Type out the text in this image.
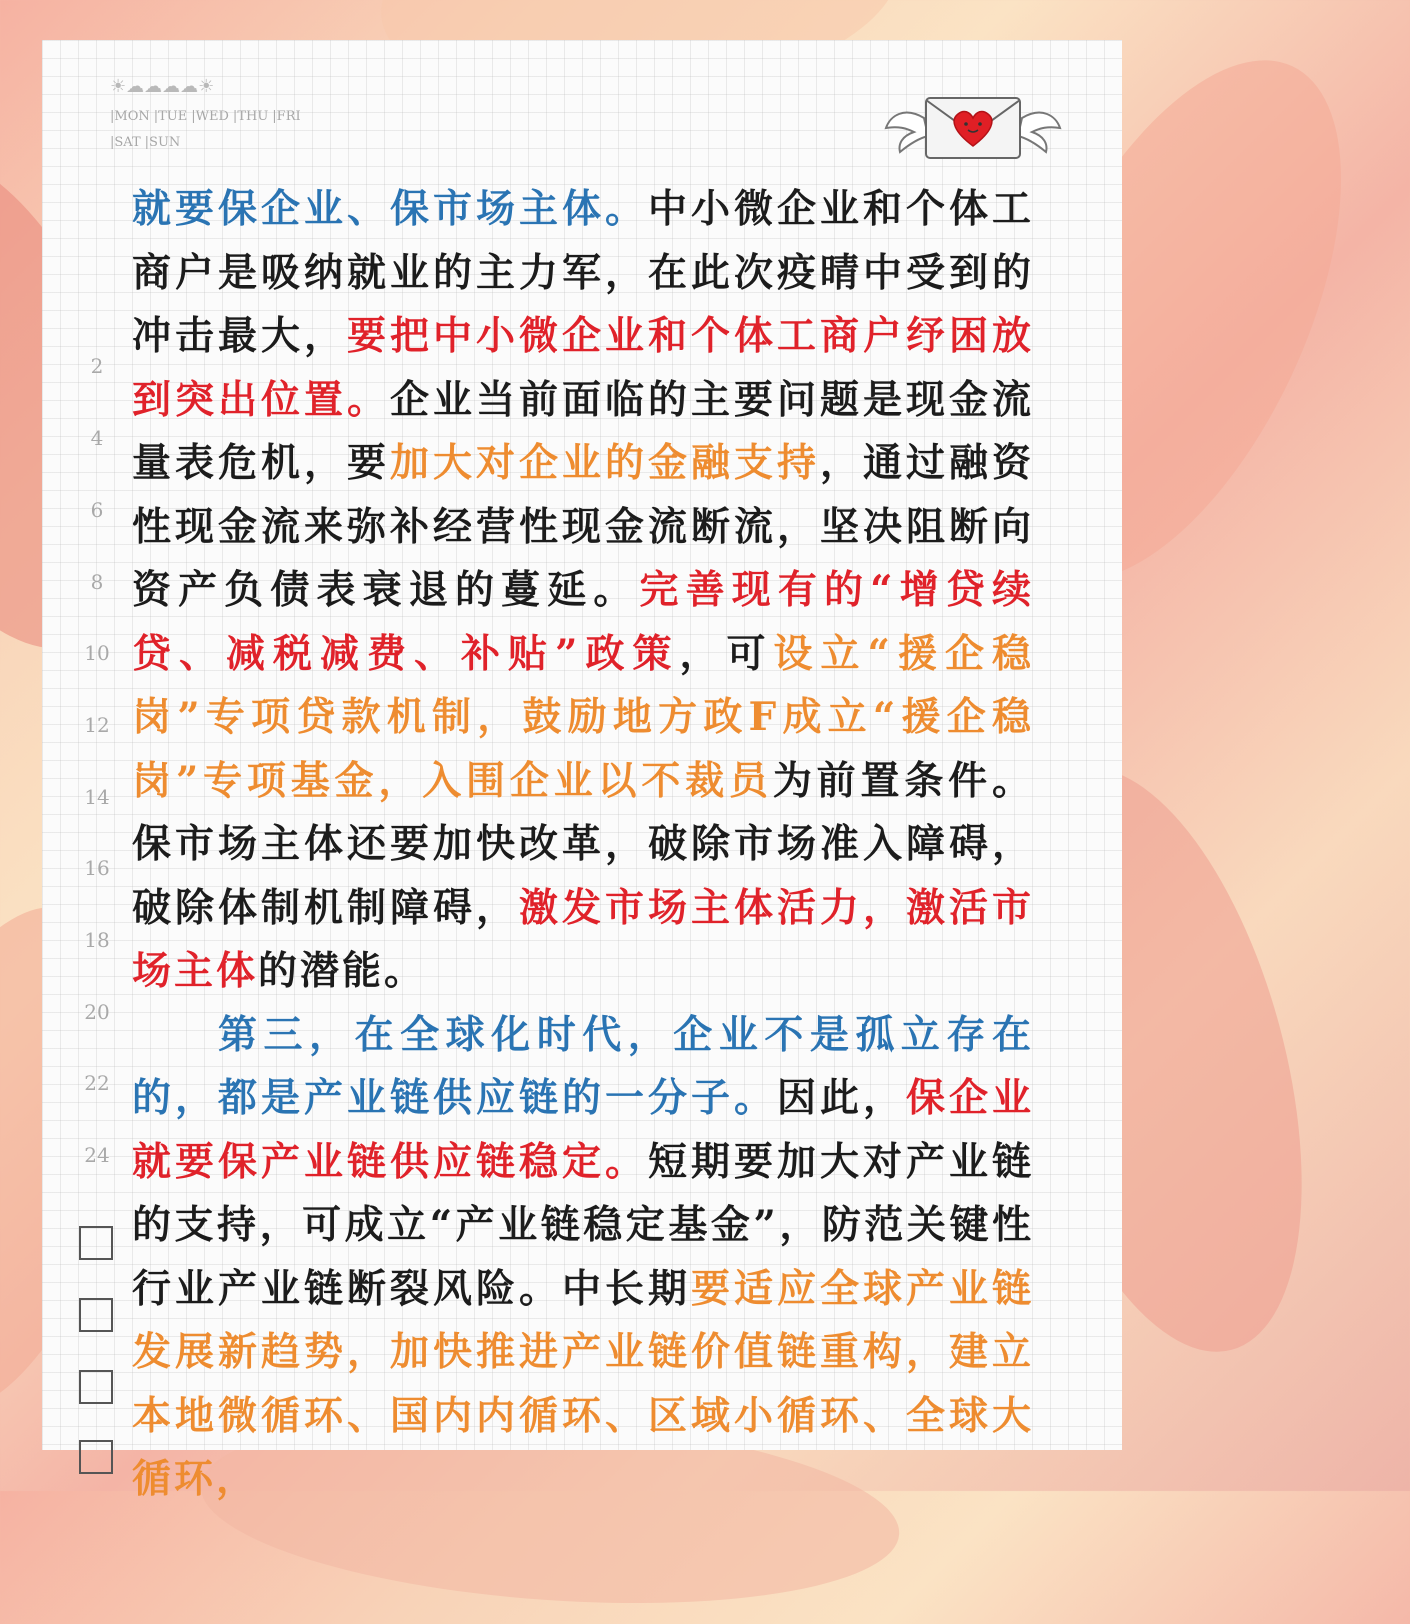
☀☁☁☁☁☀
|MON |TUE |WED |THU |FRI
|SAT |SUN
2
4
6
8
10
12
14
16
18
20
22
24

就要保企业、保市场主体。中小微企业和个体工商户是吸纳就业的主力军，在此次疫晴中受到的冲击最大，要把中小微企业和个体工商户纾困放到突出位置。企业当前面临的主要问题是现金流量表危机，要加大对企业的金融支持，通过融资性现金流来弥补经营性现金流断流，坚决阻断向资产负债表衰退的蔓延。完善现有的“增贷续贷、减税减费、补贴”政策，可设立“援企稳岗”专项贷款机制，鼓励地方政F成立“援企稳岗”专项基金，入围企业以不裁员为前置条件。保市场主体还要加快改革，破除市场准入障碍，破除体制机制障碍，激发市场主体活力，激活市场主体的潜能。

第三，在全球化时代，企业不是孤立存在的，都是产业链供应链的一分子。因此，保企业就要保产业链供应链稳定。短期要加大对产业链的支持，可成立“产业链稳定基金”，防范关键性行业产业链断裂风险。中长期要适应全球产业链发展新趋势，加快推进产业链价值链重构，建立本地微循环、国内内循环、区域小循环、全球大循环，
